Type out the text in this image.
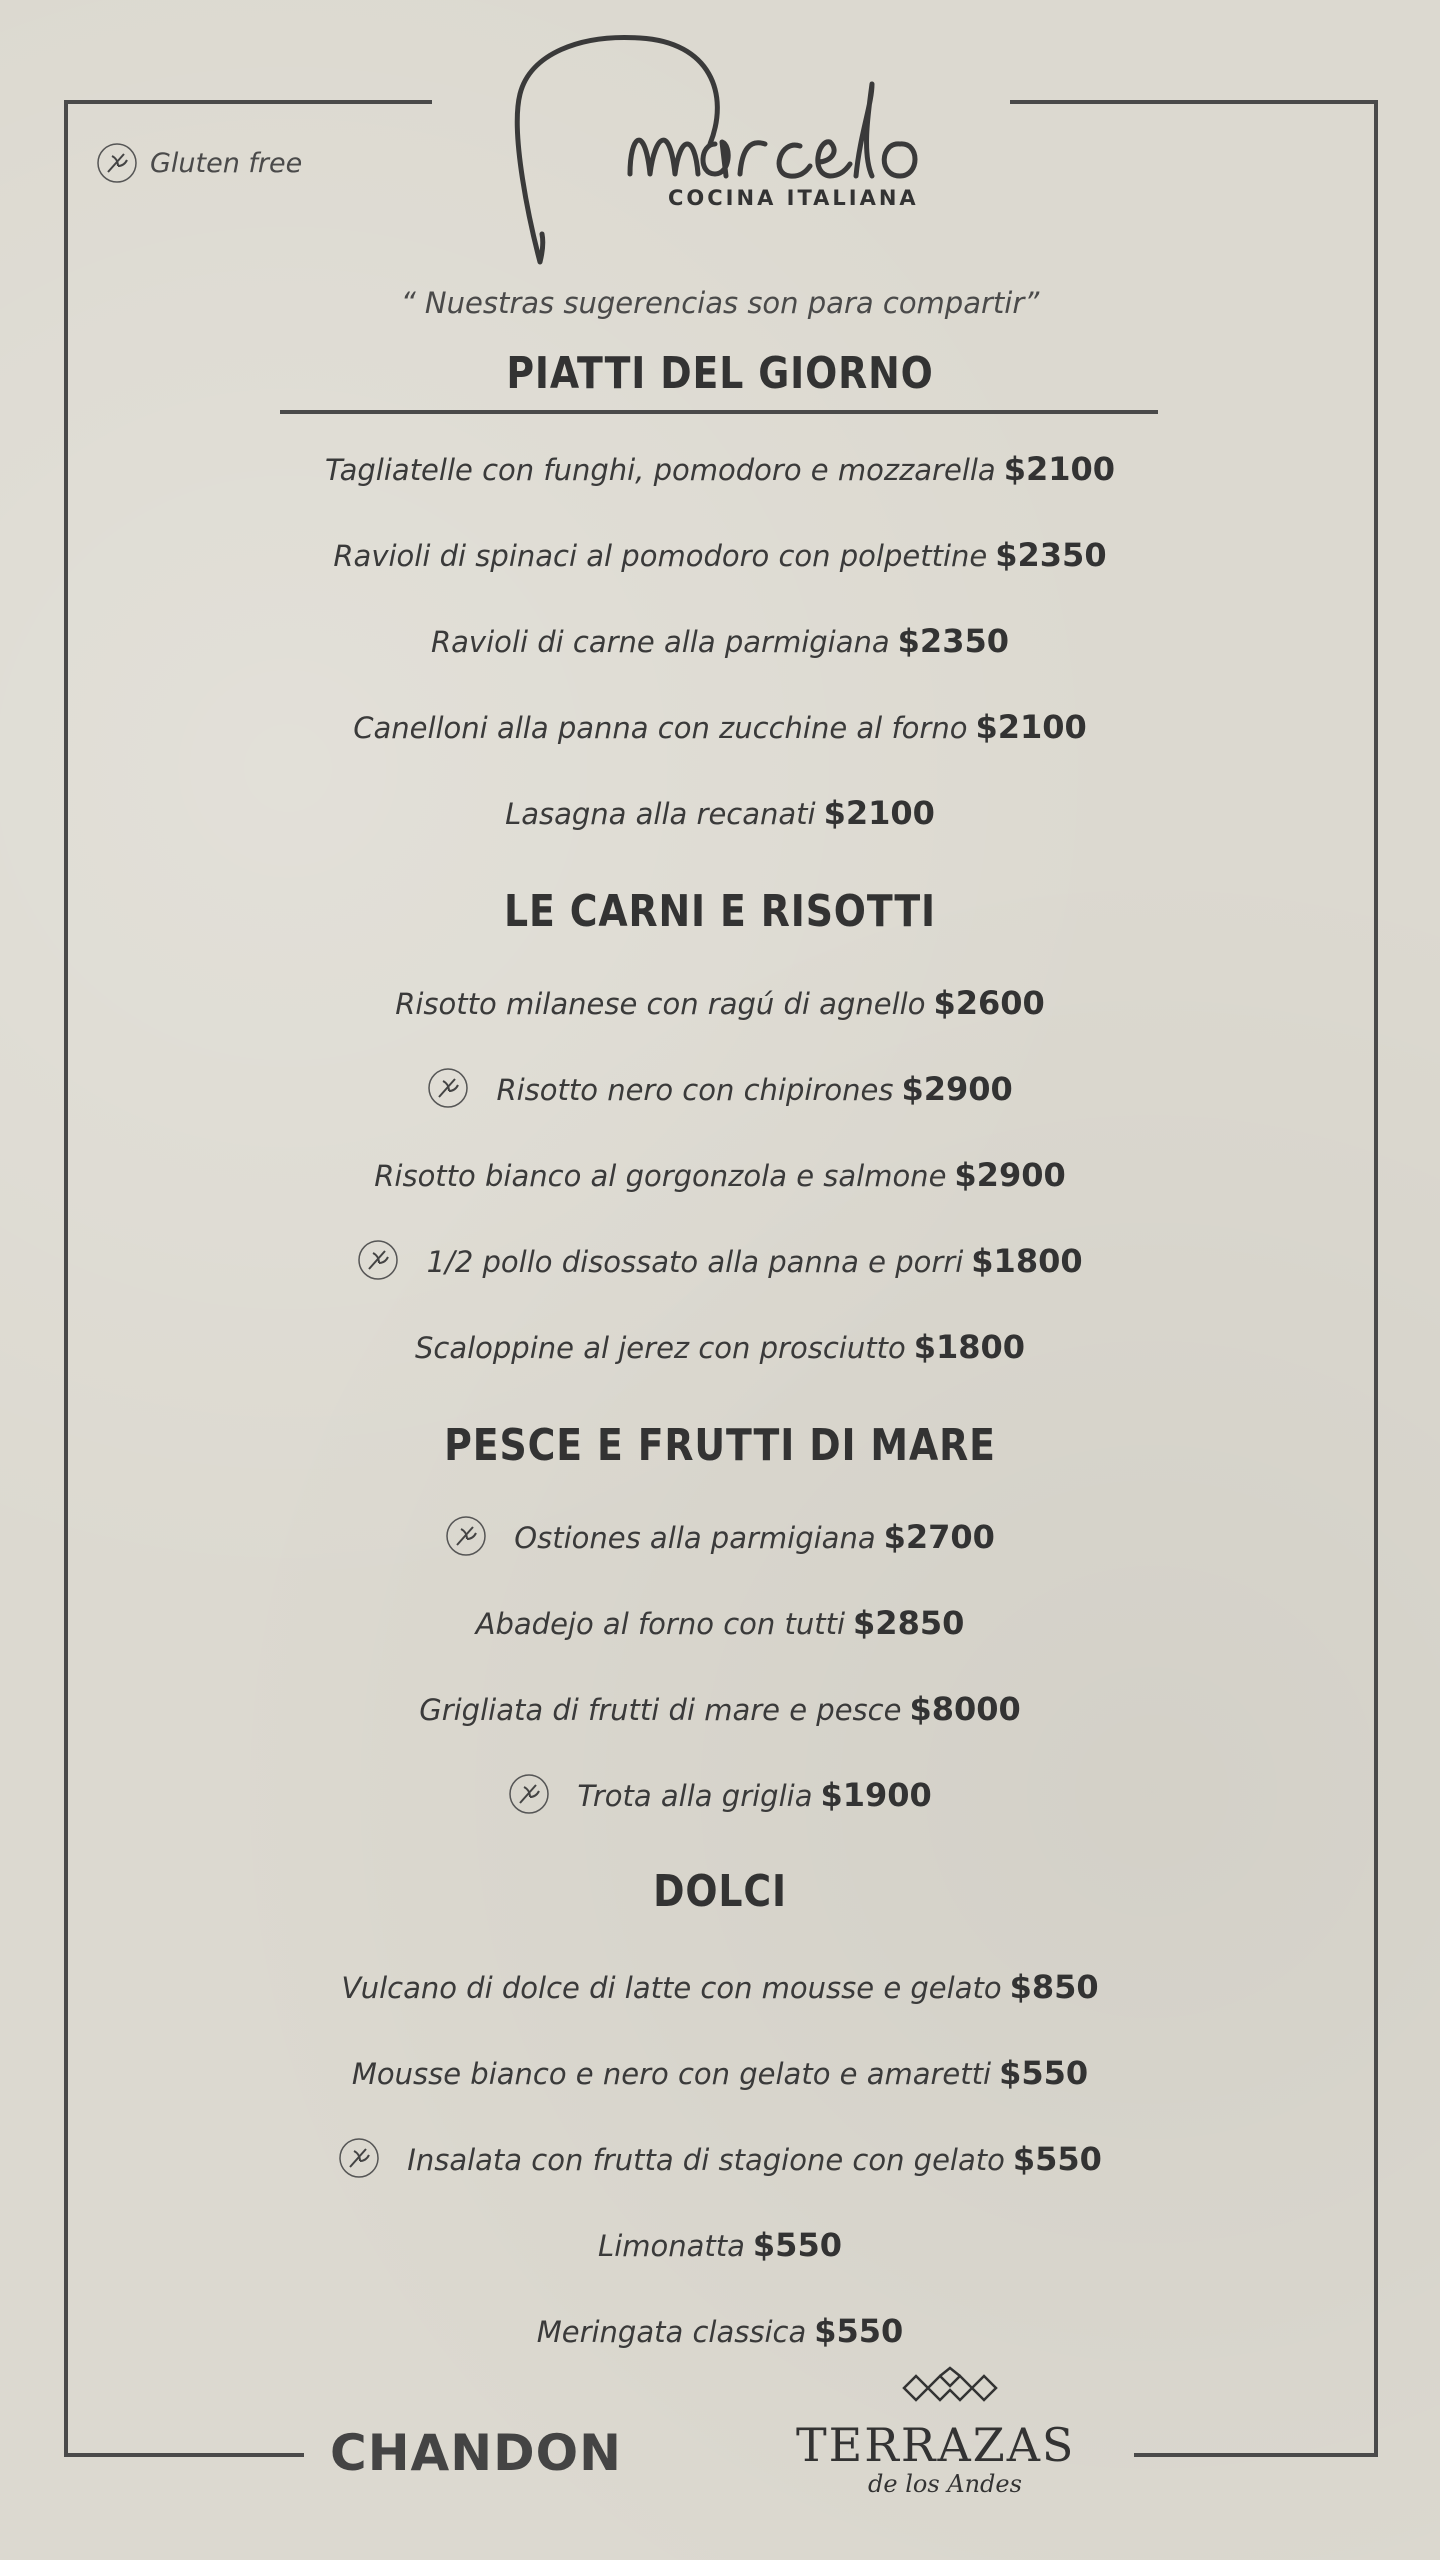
Gluten free
COCINA ITALIANA
“ Nuestras sugerencias son para compartir”
PIATTI DEL GIORNO
Tagliatelle con funghi, pomodoro e mozzarella $2100
Ravioli di spinaci al pomodoro con polpettine $2350
Ravioli di carne alla parmigiana $2350
Canelloni alla panna con zucchine al forno $2100
Lasagna alla recanati $2100
LE CARNI E RISOTTI
Risotto milanese con ragú di agnello $2600
Risotto nero con chipirones $2900
Risotto bianco al gorgonzola e salmone $2900
1/2 pollo disossato alla panna e porri $1800
Scaloppine al jerez con prosciutto $1800
PESCE E FRUTTI DI MARE
Ostiones alla parmigiana $2700
Abadejo al forno con tutti $2850
Grigliata di frutti di mare e pesce $8000
Trota alla griglia $1900
DOLCI
Vulcano di dolce di latte con mousse e gelato $850
Mousse bianco e nero con gelato e amaretti $550
Insalata con frutta di stagione con gelato $550
Limonatta $550
Meringata classica $550
CHANDON	TERRAZAS
de los Andes
